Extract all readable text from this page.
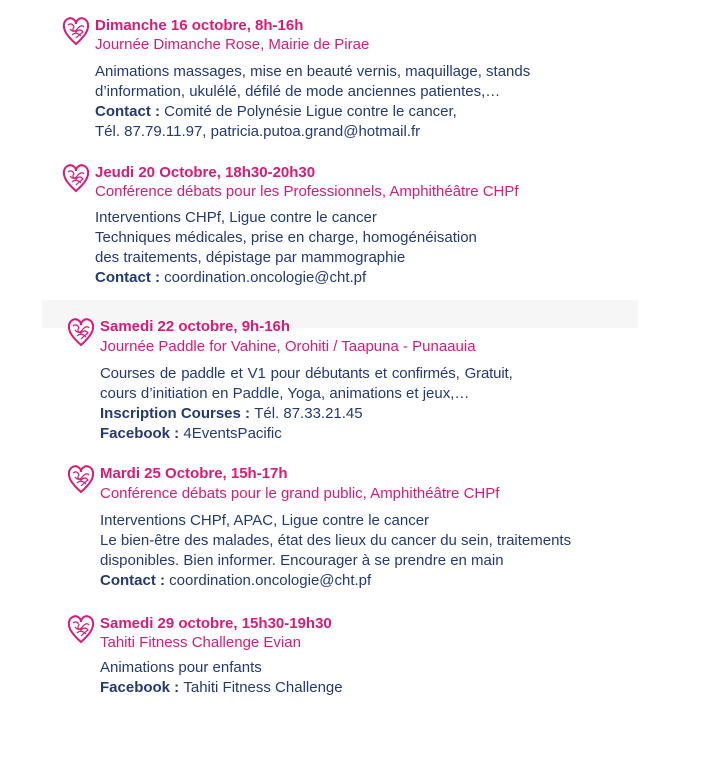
Dimanche 16 octobre, 8h-16h
Journée Dimanche Rose, Mairie de Pirae
Animations massages, mise en beauté vernis, maquillage, stands
d’information, ukulélé, défilé de mode anciennes patientes,…
Contact : Comité de Polynésie Ligue contre le cancer,
Tél. 87.79.11.97, patricia.putoa.grand@hotmail.fr
Jeudi 20 Octobre, 18h30-20h30
Conférence débats pour les Professionnels, Amphithéâtre CHPf
Interventions CHPf, Ligue contre le cancer
Techniques médicales, prise en charge, homogénéisation
des traitements, dépistage par mammographie
Contact : coordination.oncologie@cht.pf
Samedi 22 octobre, 9h-16h
Journée Paddle for Vahine, Orohiti / Taapuna - Punaauia
Courses de paddle et V1 pour débutants et confirmés, Gratuit,
cours d’initiation en Paddle, Yoga, animations et jeux,…
Inscription Courses : Tél. 87.33.21.45
Facebook : 4EventsPacific
Mardi 25 Octobre, 15h-17h
Conférence débats pour le grand public, Amphithéâtre CHPf
Interventions CHPf, APAC, Ligue contre le cancer
Le bien-être des malades, état des lieux du cancer du sein, traitements
disponibles. Bien informer. Encourager à se prendre en main
Contact : coordination.oncologie@cht.pf
Samedi 29 octobre, 15h30-19h30
Tahiti Fitness Challenge Evian
Animations pour enfants
Facebook : Tahiti Fitness Challenge
